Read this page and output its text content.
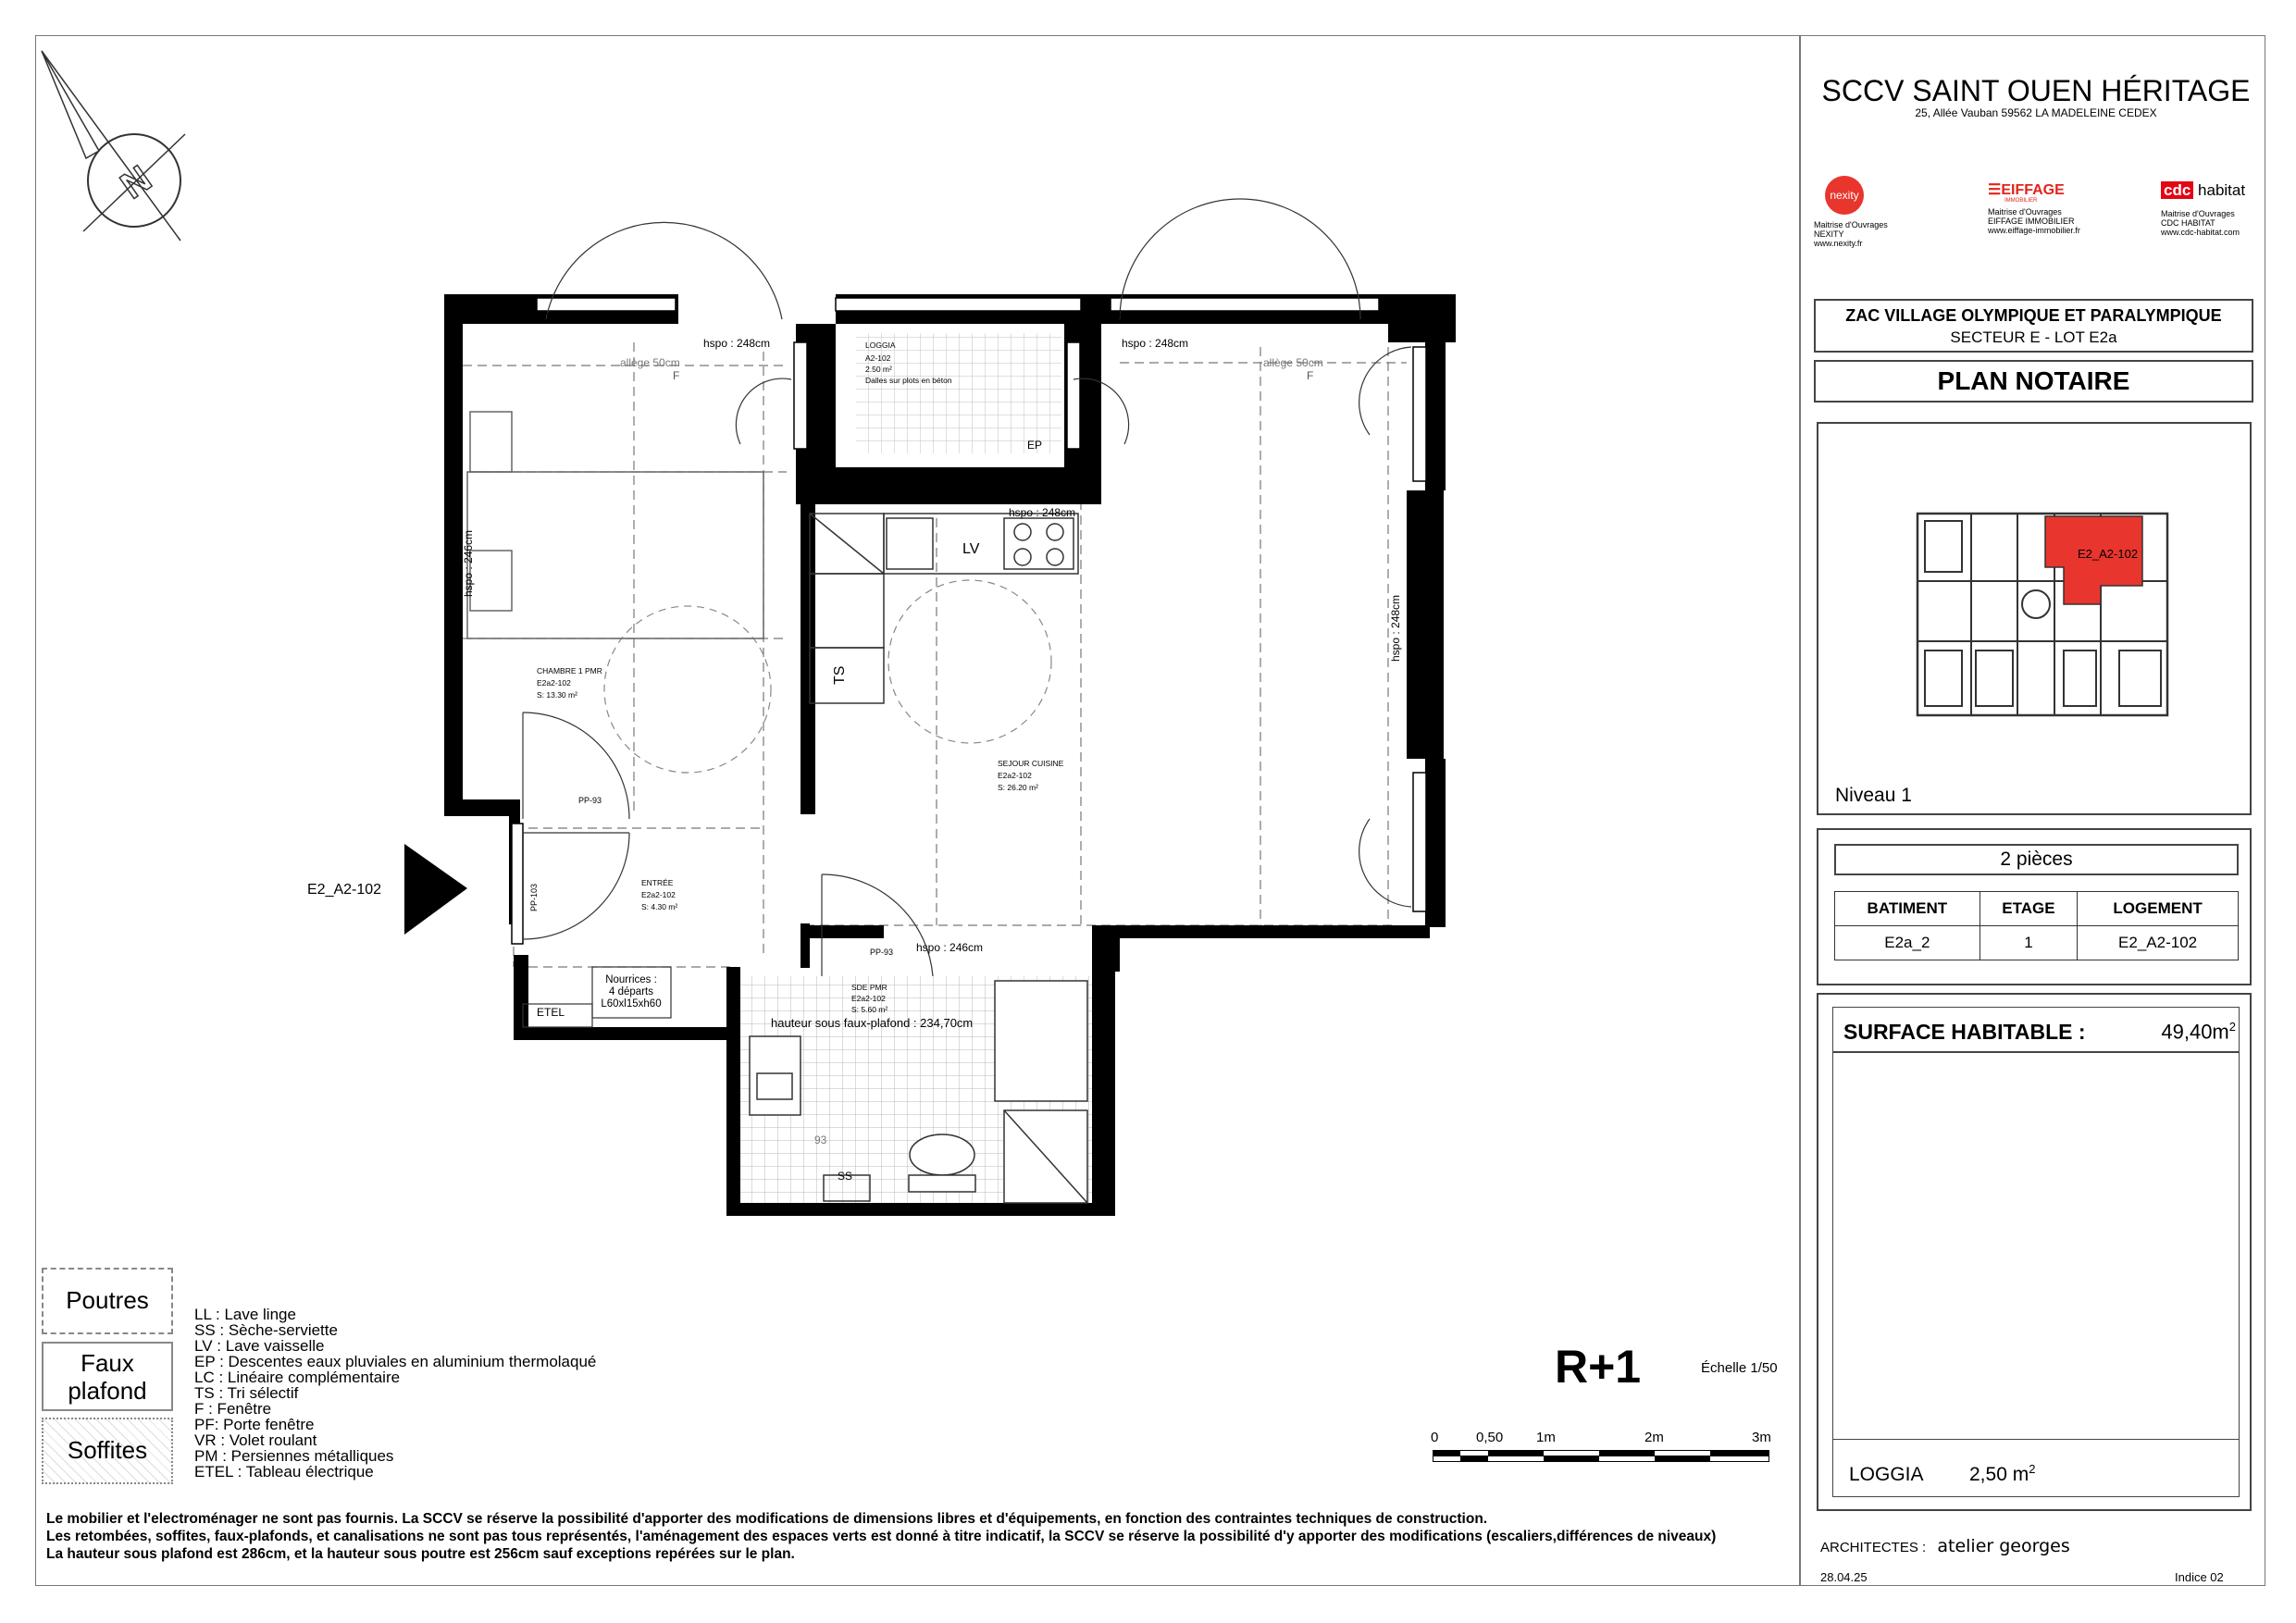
N
PM	PM
PM
hspo : 248cm	hspo : 248cm
hspo : 248cm
hspo : 246cm
allège 50cm	allège 50cm
F	F
EP
LV
PP-93
PP-93
93
SS
ETEL
hspo : 246cm
hspo : 248cm
TS
PP-103
LOGGIA
A2-102
2.50 m²
Dalles sur plots en béton
CHAMBRE 1 PMR
E2a2-102
S: 13.30 m²
SEJOUR CUISINE
E2a2-102
S: 26.20 m²
ENTRÉE
E2a2-102
S: 4.30 m²
SDE PMR
E2a2-102
S: 5.60 m²
hauteur sous faux-plafond : 234,70cm
Nourrices :
4 départs
L60xl15xh60
E2_A2-102
SCCV SAINT OUEN HÉRITAGE
25, Allée Vauban 59562 LA MADELEINE CEDEX
nexity
Maitrise d'Ouvrages
NEXITY
www.nexity.fr
☰EIFFAGE
IMMOBILIER
Maitrise d'Ouvrages
EIFFAGE IMMOBILIER
www.eiffage-immobilier.fr
cdc habitat
Maitrise d'Ouvrages
CDC HABITAT
www.cdc-habitat.com
ZAC VILLAGE OLYMPIQUE ET PARALYMPIQUE
SECTEUR E - LOT E2a
PLAN NOTAIRE
E2_A2-102
Niveau 1
2 pièces
BATIMENT	ETAGE	LOGEMENT
E2a_2	1	E2_A2-102
SURFACE HABITABLE :	$49,40m^2$
LOGGIA 2,50 $m^2$
ARCHITECTES : atelier georges
28.04.25	Indice 02
R+1	Échelle 1/50
0	0,50 1m	2m	3m
Poutres
Faux plafond
Soffites
LL : Lave linge
SS : Sèche-serviette
LV : Lave vaisselle
EP : Descentes eaux pluviales en aluminium thermolaqué
LC : Linéaire complémentaire
TS : Tri sélectif
F : Fenêtre
PF: Porte fenêtre
VR : Volet roulant
PM : Persiennes métalliques
ETEL : Tableau électrique
Le mobilier et l'electroménager ne sont pas fournis. La SCCV se réserve la possibilité d'apporter des modifications de dimensions libres et d'équipements, en fonction des contraintes techniques de construction.
Les retombées, soffites, faux-plafonds, et canalisations ne sont pas tous représentés, l'aménagement des espaces verts est donné à titre indicatif, la SCCV se réserve la possibilité d'y apporter des modifications (escaliers,différences de niveaux)
La hauteur sous plafond est 286cm, et la hauteur sous poutre est 256cm sauf exceptions repérées sur le plan.
